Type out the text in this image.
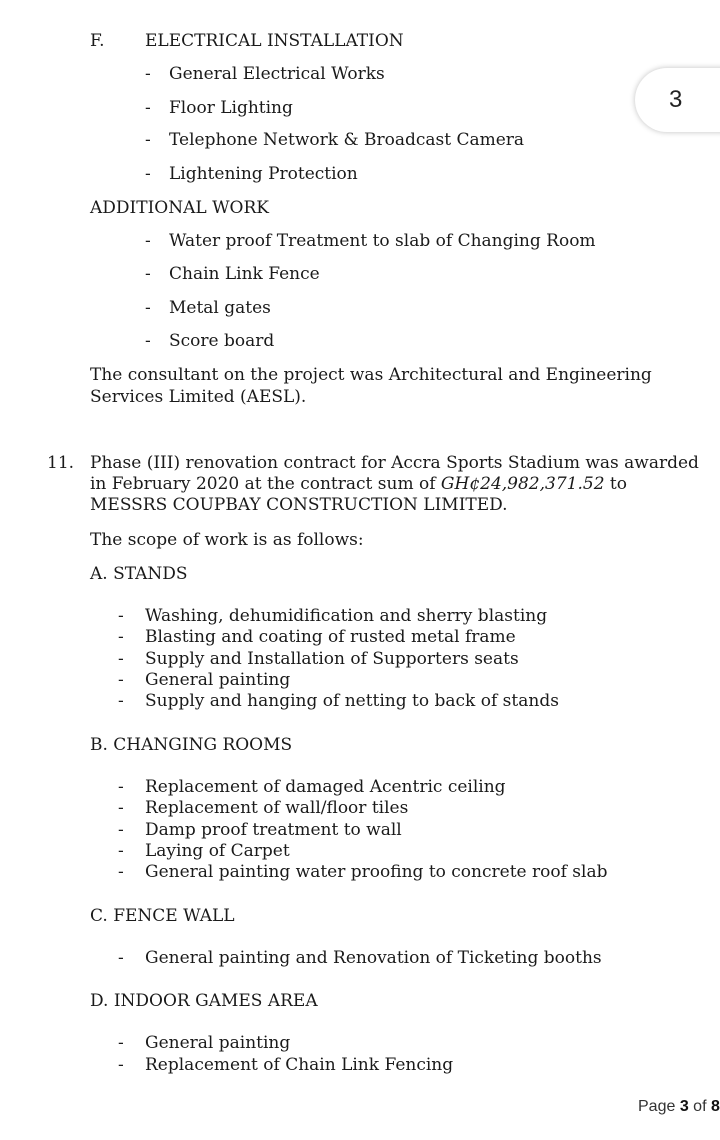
F. ELECTRICAL INSTALLATION
- General Electrical Works
- Floor Lighting
- Telephone Network & Broadcast Camera
- Lightening Protection
3
ADDITIONAL WORK
- Water proof Treatment to slab of Changing Room
- Chain Link Fence
- Metal gates
- Score board
The consultant on the project was Architectural and Engineering
Services Limited (AESL).
11. Phase (III) renovation contract for Accra Sports Stadium was awarded
in February 2020 at the contract sum of GH¢24,982,371.52 to
MESSRS COUPBAY CONSTRUCTION LIMITED.
The scope of work is as follows:
A. STANDS
- Washing, dehumidification and sherry blasting
- Blasting and coating of rusted metal frame
- Supply and Installation of Supporters seats
- General painting
- Supply and hanging of netting to back of stands
B. CHANGING ROOMS
- Replacement of damaged Acentric ceiling
- Replacement of wall/floor tiles
- Damp proof treatment to wall
- Laying of Carpet
- General painting water proofing to concrete roof slab
C. FENCE WALL
- General painting and Renovation of Ticketing booths
D. INDOOR GAMES AREA
- General painting
- Replacement of Chain Link Fencing
Page 3 of 8
